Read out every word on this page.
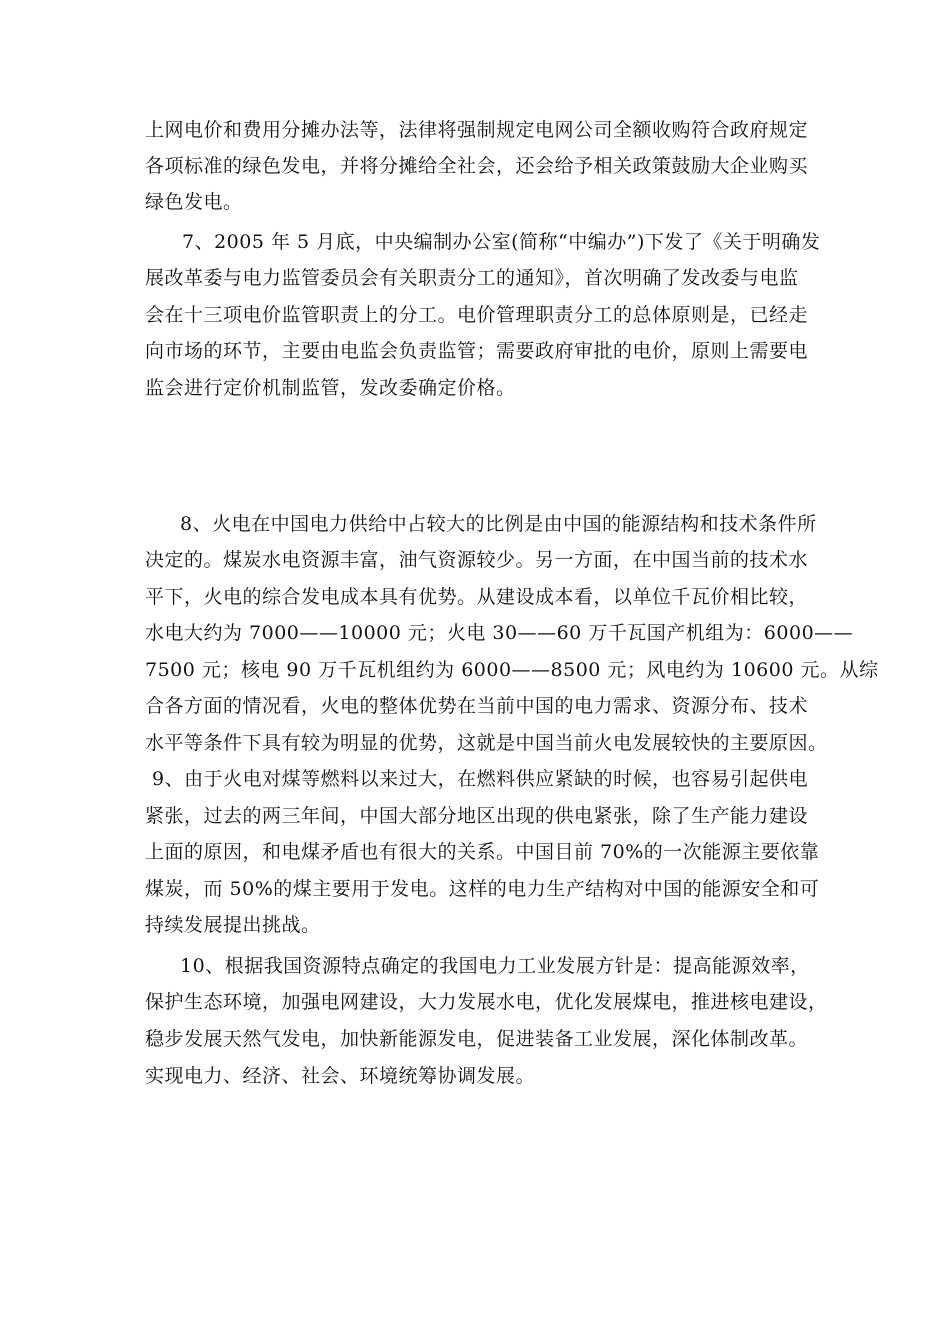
上网电价和费用分摊办法等，法律将强制规定电网公司全额收购符合政府规定
各项标准的绿色发电，并将分摊给全社会，还会给予相关政策鼓励大企业购买
绿色发电。
7、2005 年 5 月底，中央编制办公室(简称“中编办”)下发了《关于明确发
展改革委与电力监管委员会有关职责分工的通知》，首次明确了发改委与电监
会在十三项电价监管职责上的分工。电价管理职责分工的总体原则是，已经走
向市场的环节，主要由电监会负责监管；需要政府审批的电价，原则上需要电
监会进行定价机制监管，发改委确定价格。
8、火电在中国电力供给中占较大的比例是由中国的能源结构和技术条件所
决定的。煤炭水电资源丰富，油气资源较少。另一方面，在中国当前的技术水
平下，火电的综合发电成本具有优势。从建设成本看，以单位千瓦价相比较，
水电大约为 7000——10000 元；火电 30——60 万千瓦国产机组为：6000——
7500 元；核电 90 万千瓦机组约为 6000——8500 元；风电约为 10600 元。从综
合各方面的情况看，火电的整体优势在当前中国的电力需求、资源分布、技术
水平等条件下具有较为明显的优势，这就是中国当前火电发展较快的主要原因。
9、由于火电对煤等燃料以来过大，在燃料供应紧缺的时候，也容易引起供电
紧张，过去的两三年间，中国大部分地区出现的供电紧张，除了生产能力建设
上面的原因，和电煤矛盾也有很大的关系。中国目前 70%的一次能源主要依靠
煤炭，而 50%的煤主要用于发电。这样的电力生产结构对中国的能源安全和可
持续发展提出挑战。
10、根据我国资源特点确定的我国电力工业发展方针是：提高能源效率，
保护生态环境，加强电网建设，大力发展水电，优化发展煤电，推进核电建设，
稳步发展天然气发电，加快新能源发电，促进装备工业发展，深化体制改革。
实现电力、经济、社会、环境统筹协调发展。
